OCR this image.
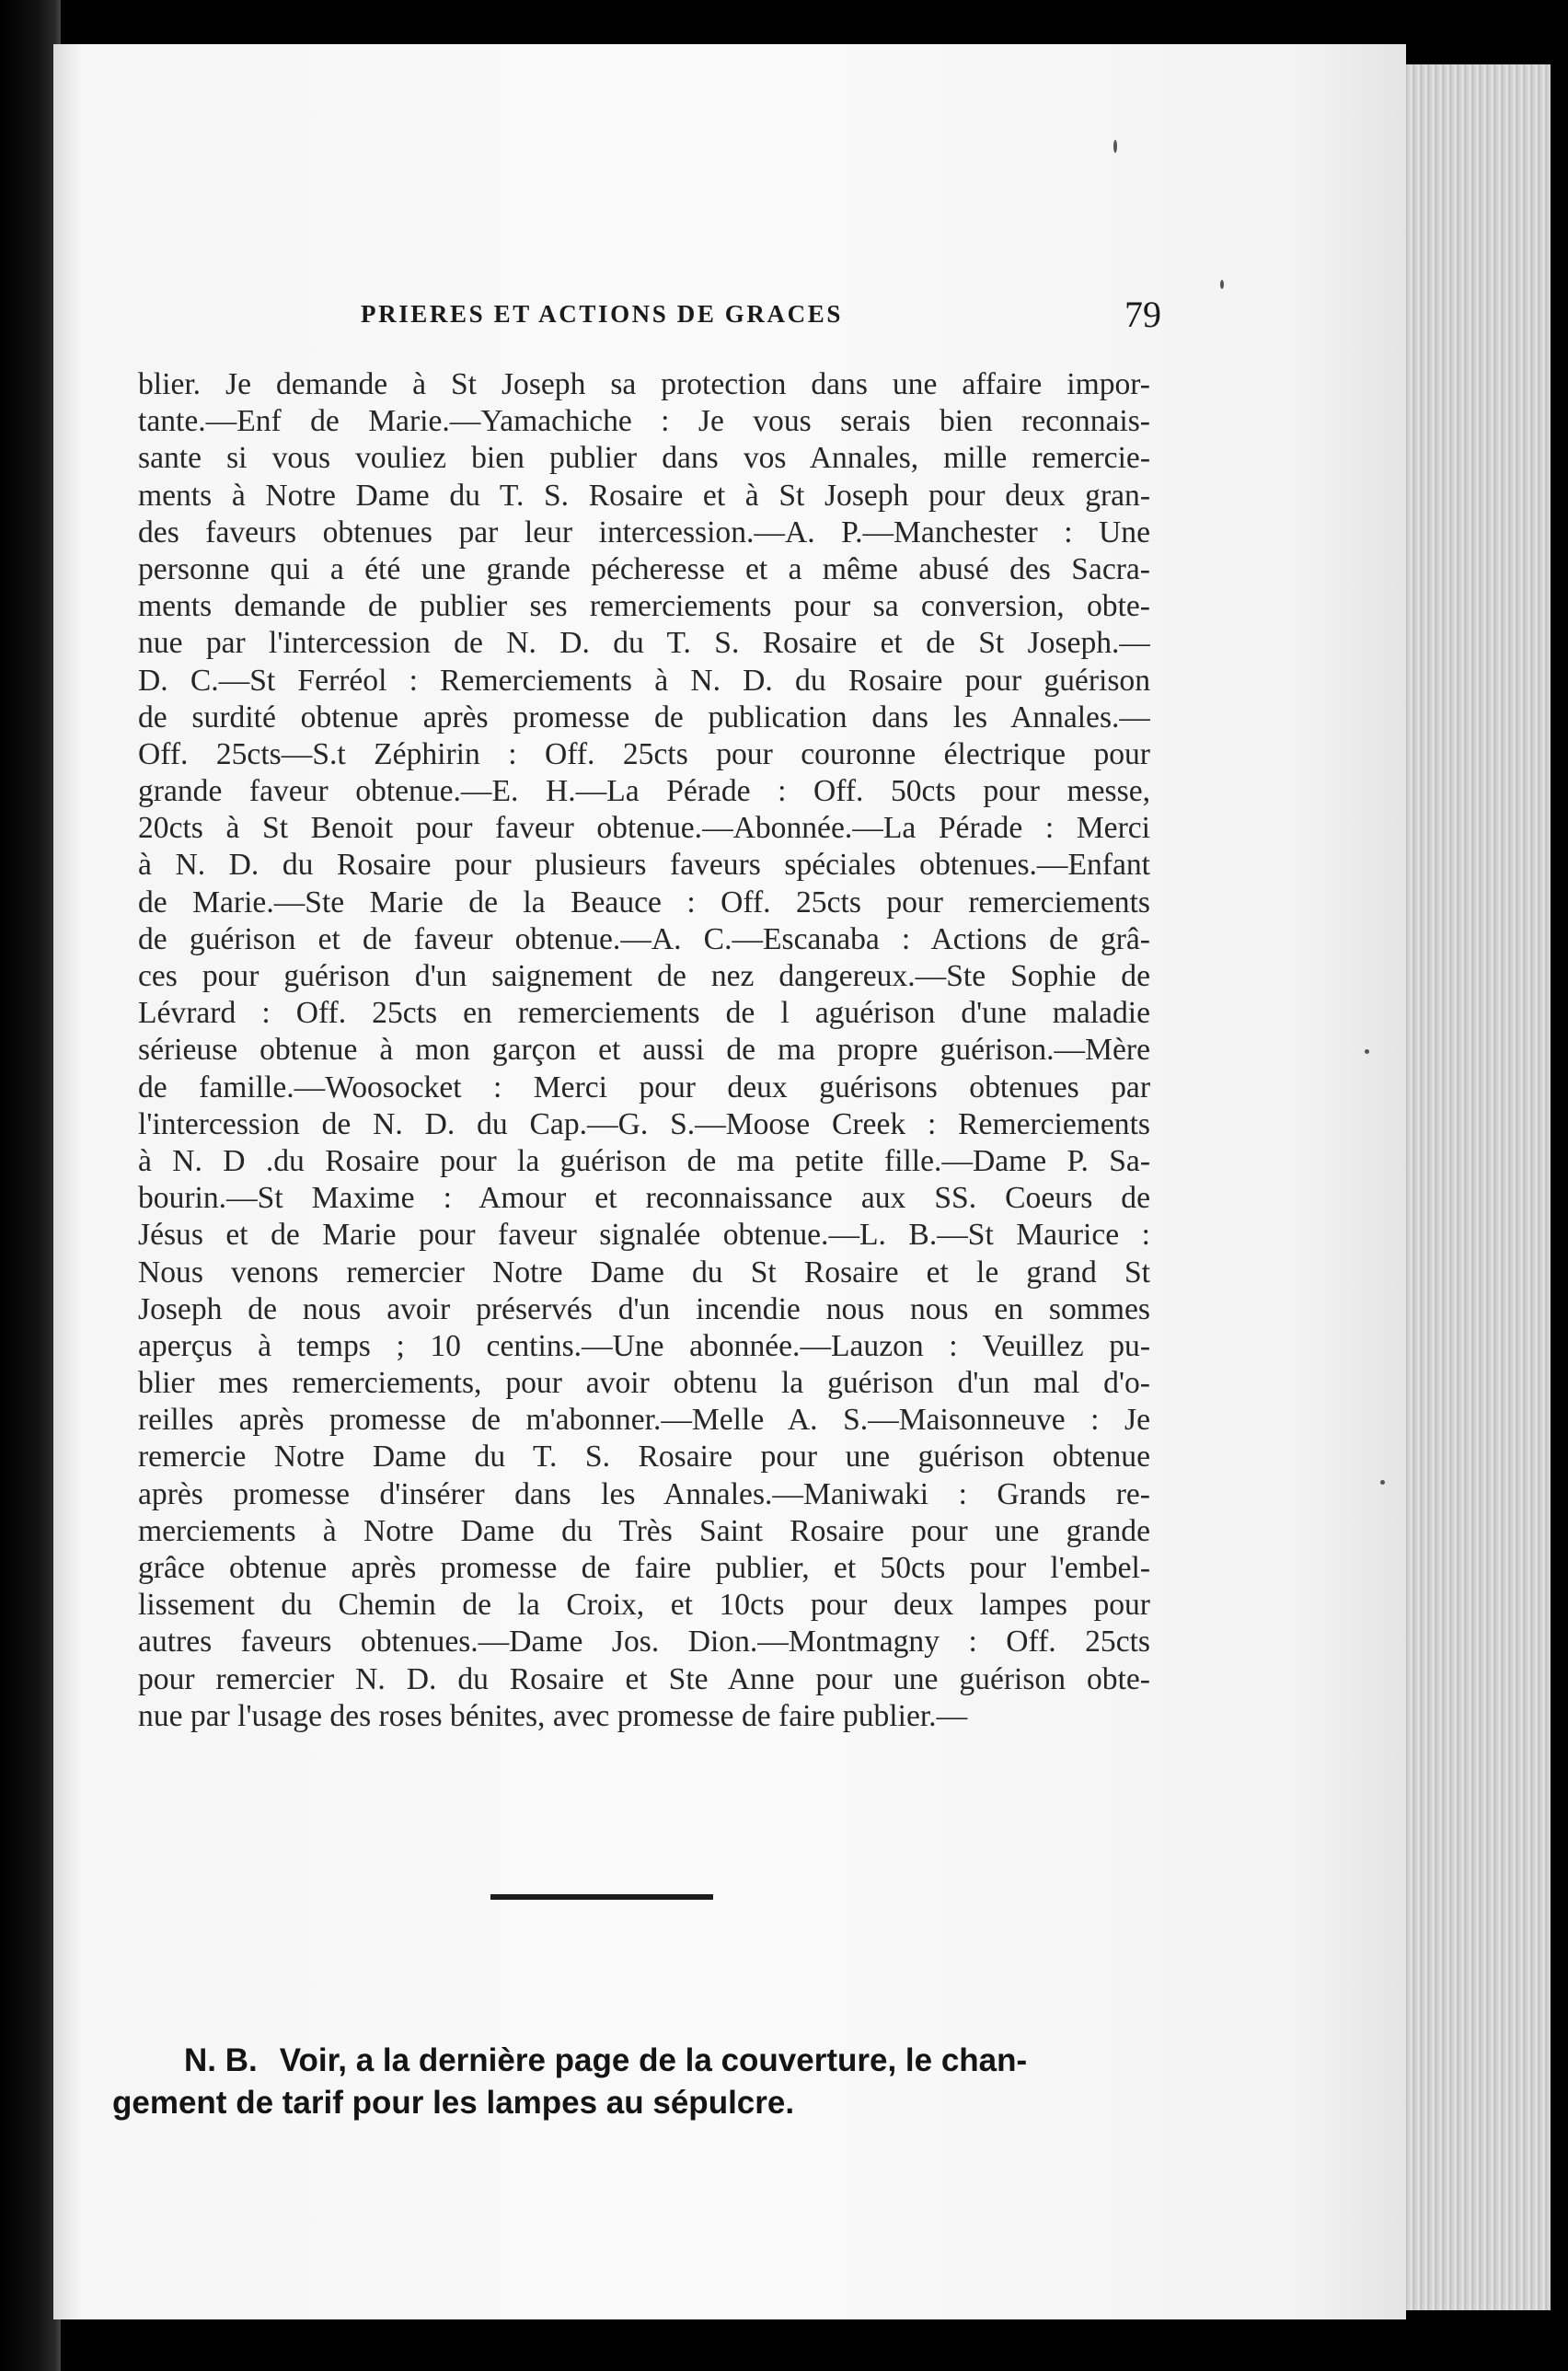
PRIERES ET ACTIONS DE GRACES	79
blier. Je demande à St Joseph sa protection dans une affaire impor-
tante.—Enf de Marie.—Yamachiche : Je vous serais bien reconnais-
sante si vous vouliez bien publier dans vos Annales, mille remercie-
ments à Notre Dame du T. S. Rosaire et à St Joseph pour deux gran-
des faveurs obtenues par leur intercession.—A. P.—Manchester : Une
personne qui a été une grande pécheresse et a même abusé des Sacra-
ments demande de publier ses remerciements pour sa conversion, obte-
nue par l'intercession de N. D. du T. S. Rosaire et de St Joseph.—
D. C.—St Ferréol : Remerciements à N. D. du Rosaire pour guérison
de surdité obtenue après promesse de publication dans les Annales.—
Off. 25cts—S.t Zéphirin : Off. 25cts pour couronne électrique pour
grande faveur obtenue.—E. H.—La Pérade : Off. 50cts pour messe,
20cts à St Benoit pour faveur obtenue.—Abonnée.—La Pérade : Merci
à N. D. du Rosaire pour plusieurs faveurs spéciales obtenues.—Enfant
de Marie.—Ste Marie de la Beauce : Off. 25cts pour remerciements
de guérison et de faveur obtenue.—A. C.—Escanaba : Actions de grâ-
ces pour guérison d'un saignement de nez dangereux.—Ste Sophie de
Lévrard : Off. 25cts en remerciements de l aguérison d'une maladie
sérieuse obtenue à mon garçon et aussi de ma propre guérison.—Mère
de famille.—Woosocket : Merci pour deux guérisons obtenues par
l'intercession de N. D. du Cap.—G. S.—Moose Creek : Remerciements
à N. D .du Rosaire pour la guérison de ma petite fille.—Dame P. Sa-
bourin.—St Maxime : Amour et reconnaissance aux SS. Coeurs de
Jésus et de Marie pour faveur signalée obtenue.—L. B.—St Maurice :
Nous venons remercier Notre Dame du St Rosaire et le grand St
Joseph de nous avoir préservés d'un incendie nous nous en sommes
aperçus à temps ; 10 centins.—Une abonnée.—Lauzon : Veuillez pu-
blier mes remerciements, pour avoir obtenu la guérison d'un mal d'o-
reilles après promesse de m'abonner.—Melle A. S.—Maisonneuve : Je
remercie Notre Dame du T. S. Rosaire pour une guérison obtenue
après promesse d'insérer dans les Annales.—Maniwaki : Grands re-
merciements à Notre Dame du Très Saint Rosaire pour une grande
grâce obtenue après promesse de faire publier, et 50cts pour l'embel-
lissement du Chemin de la Croix, et 10cts pour deux lampes pour
autres faveurs obtenues.—Dame Jos. Dion.—Montmagny : Off. 25cts
pour remercier N. D. du Rosaire et Ste Anne pour une guérison obte-
nue par l'usage des roses bénites, avec promesse de faire publier.—
N. B. Voir, a la dernière page de la couverture, le chan-
gement de tarif pour les lampes au sépulcre.
